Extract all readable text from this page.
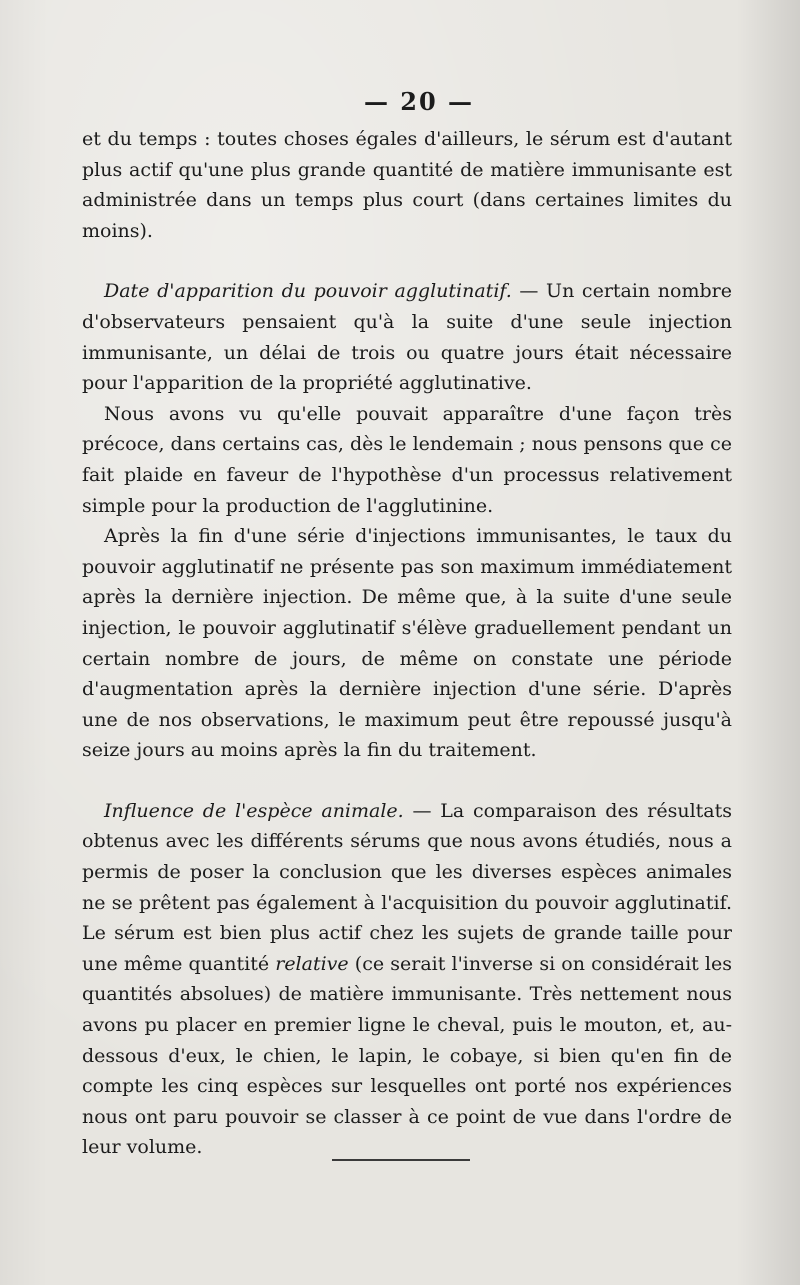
— 20 —

et du temps : toutes choses égales d'ailleurs, le sérum est d'autant plus actif qu'une plus grande quantité de matière immunisante est administrée dans un temps plus court (dans certaines limites du moins).

Date d'apparition du pouvoir agglutinatif. — Un certain nombre d'observateurs pensaient qu'à la suite d'une seule injection immunisante, un délai de trois ou quatre jours était nécessaire pour l'apparition de la propriété agglutinative.

Nous avons vu qu'elle pouvait apparaître d'une façon très précoce, dans certains cas, dès le lendemain ; nous pensons que ce fait plaide en faveur de l'hypothèse d'un processus relativement simple pour la production de l'agglutinine.

Après la fin d'une série d'injections immunisantes, le taux du pouvoir agglutinatif ne présente pas son maximum immédiatement après la dernière injection. De même que, à la suite d'une seule injection, le pouvoir agglutinatif s'élève graduellement pendant un certain nombre de jours, de même on constate une période d'augmentation après la dernière injection d'une série. D'après une de nos observations, le maximum peut être repoussé jusqu'à seize jours au moins après la fin du traitement.

Influence de l'espèce animale. — La comparaison des résultats obtenus avec les différents sérums que nous avons étudiés, nous a permis de poser la conclusion que les diverses espèces animales ne se prêtent pas également à l'acquisition du pouvoir agglutinatif. Le sérum est bien plus actif chez les sujets de grande taille pour une même quantité relative (ce serait l'inverse si on considérait les quantités absolues) de matière immunisante. Très nettement nous avons pu placer en premier ligne le cheval, puis le mouton, et, au-dessous d'eux, le chien, le lapin, le cobaye, si bien qu'en fin de compte les cinq espèces sur lesquelles ont porté nos expériences nous ont paru pouvoir se classer à ce point de vue dans l'ordre de leur volume.
